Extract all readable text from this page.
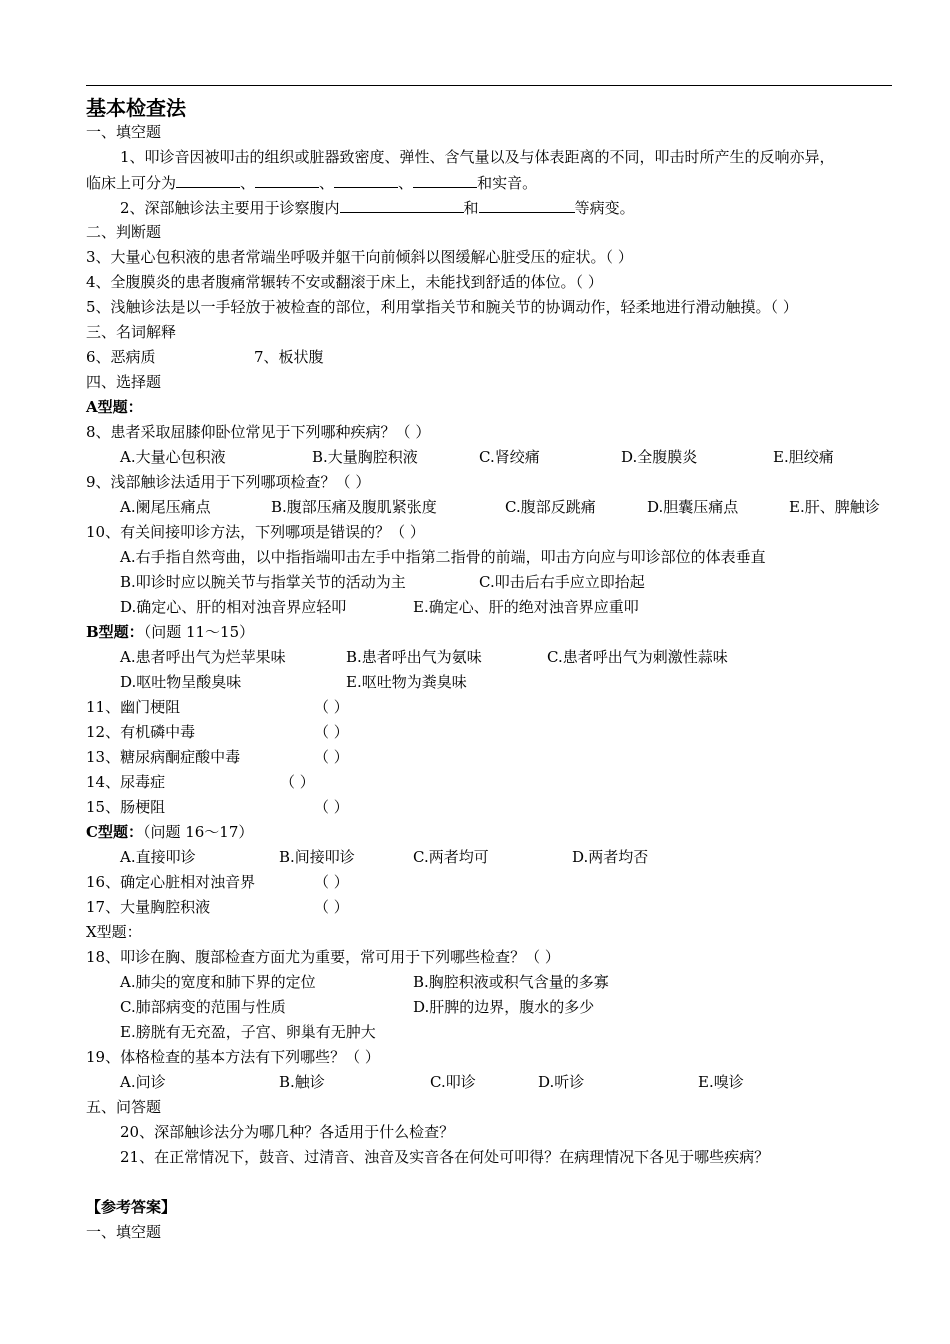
基本检查法
一、填空题
1、叩诊音因被叩击的组织或脏器致密度、弹性、含气量以及与体表距离的不同，叩击时所产生的反响亦异，
临床上可分为	、	、	、	和实音。
2、深部触诊法主要用于诊察腹内	和	等病变。
二、判断题
3、大量心包积液的患者常端坐呼吸并躯干向前倾斜以图缓解心脏受压的症状。（ ）
4、全腹膜炎的患者腹痛常辗转不安或翻滚于床上，未能找到舒适的体位。（ ）
5、浅触诊法是以一手轻放于被检查的部位，利用掌指关节和腕关节的协调动作，轻柔地进行滑动触摸。（ ）
三、名词解释
6、恶病质	7、板状腹
四、选择题
A型题：
8、患者采取屈膝仰卧位常见于下列哪种疾病？（ ）
A.大量心包积液	B.大量胸腔积液	C.肾绞痛	D.全腹膜炎	E.胆绞痛
9、浅部触诊法适用于下列哪项检查？（ ）
A.阑尾压痛点	B.腹部压痛及腹肌紧张度	C.腹部反跳痛	D.胆囊压痛点	E.肝、脾触诊
10、有关间接叩诊方法，下列哪项是错误的？（ ）
A.右手指自然弯曲，以中指指端叩击左手中指第二指骨的前端，叩击方向应与叩诊部位的体表垂直
B.叩诊时应以腕关节与指掌关节的活动为主	C.叩击后右手应立即抬起
D.确定心、肝的相对浊音界应轻叩	E.确定心、肝的绝对浊音界应重叩
B型题：（问题 11～15）
A.患者呼出气为烂苹果味	B.患者呼出气为氨味	C.患者呼出气为刺激性蒜味
D.呕吐物呈酸臭味	E.呕吐物为粪臭味
11、幽门梗阻	（ ）
12、有机磷中毒	（ ）
13、糖尿病酮症酸中毒	（ ）
14、尿毒症	（ ）
15、肠梗阻	（ ）
C型题：（问题 16～17）
A.直接叩诊	B.间接叩诊	C.两者均可	D.两者均否
16、确定心脏相对浊音界	（ ）
17、大量胸腔积液	（ ）
X型题：
18、叩诊在胸、腹部检查方面尤为重要，常可用于下列哪些检查？（ ）
A.肺尖的宽度和肺下界的定位	B.胸腔积液或积气含量的多寡
C.肺部病变的范围与性质	D.肝脾的边界，腹水的多少
E.膀胱有无充盈，子宫、卵巢有无肿大
19、体格检查的基本方法有下列哪些？（ ）
A.问诊	B.触诊	C.叩诊	D.听诊	E.嗅诊
五、问答题
20、深部触诊法分为哪几种？各适用于什么检查？
21、在正常情况下，鼓音、过清音、浊音及实音各在何处可叩得？在病理情况下各见于哪些疾病？
【参考答案】
一、填空题
